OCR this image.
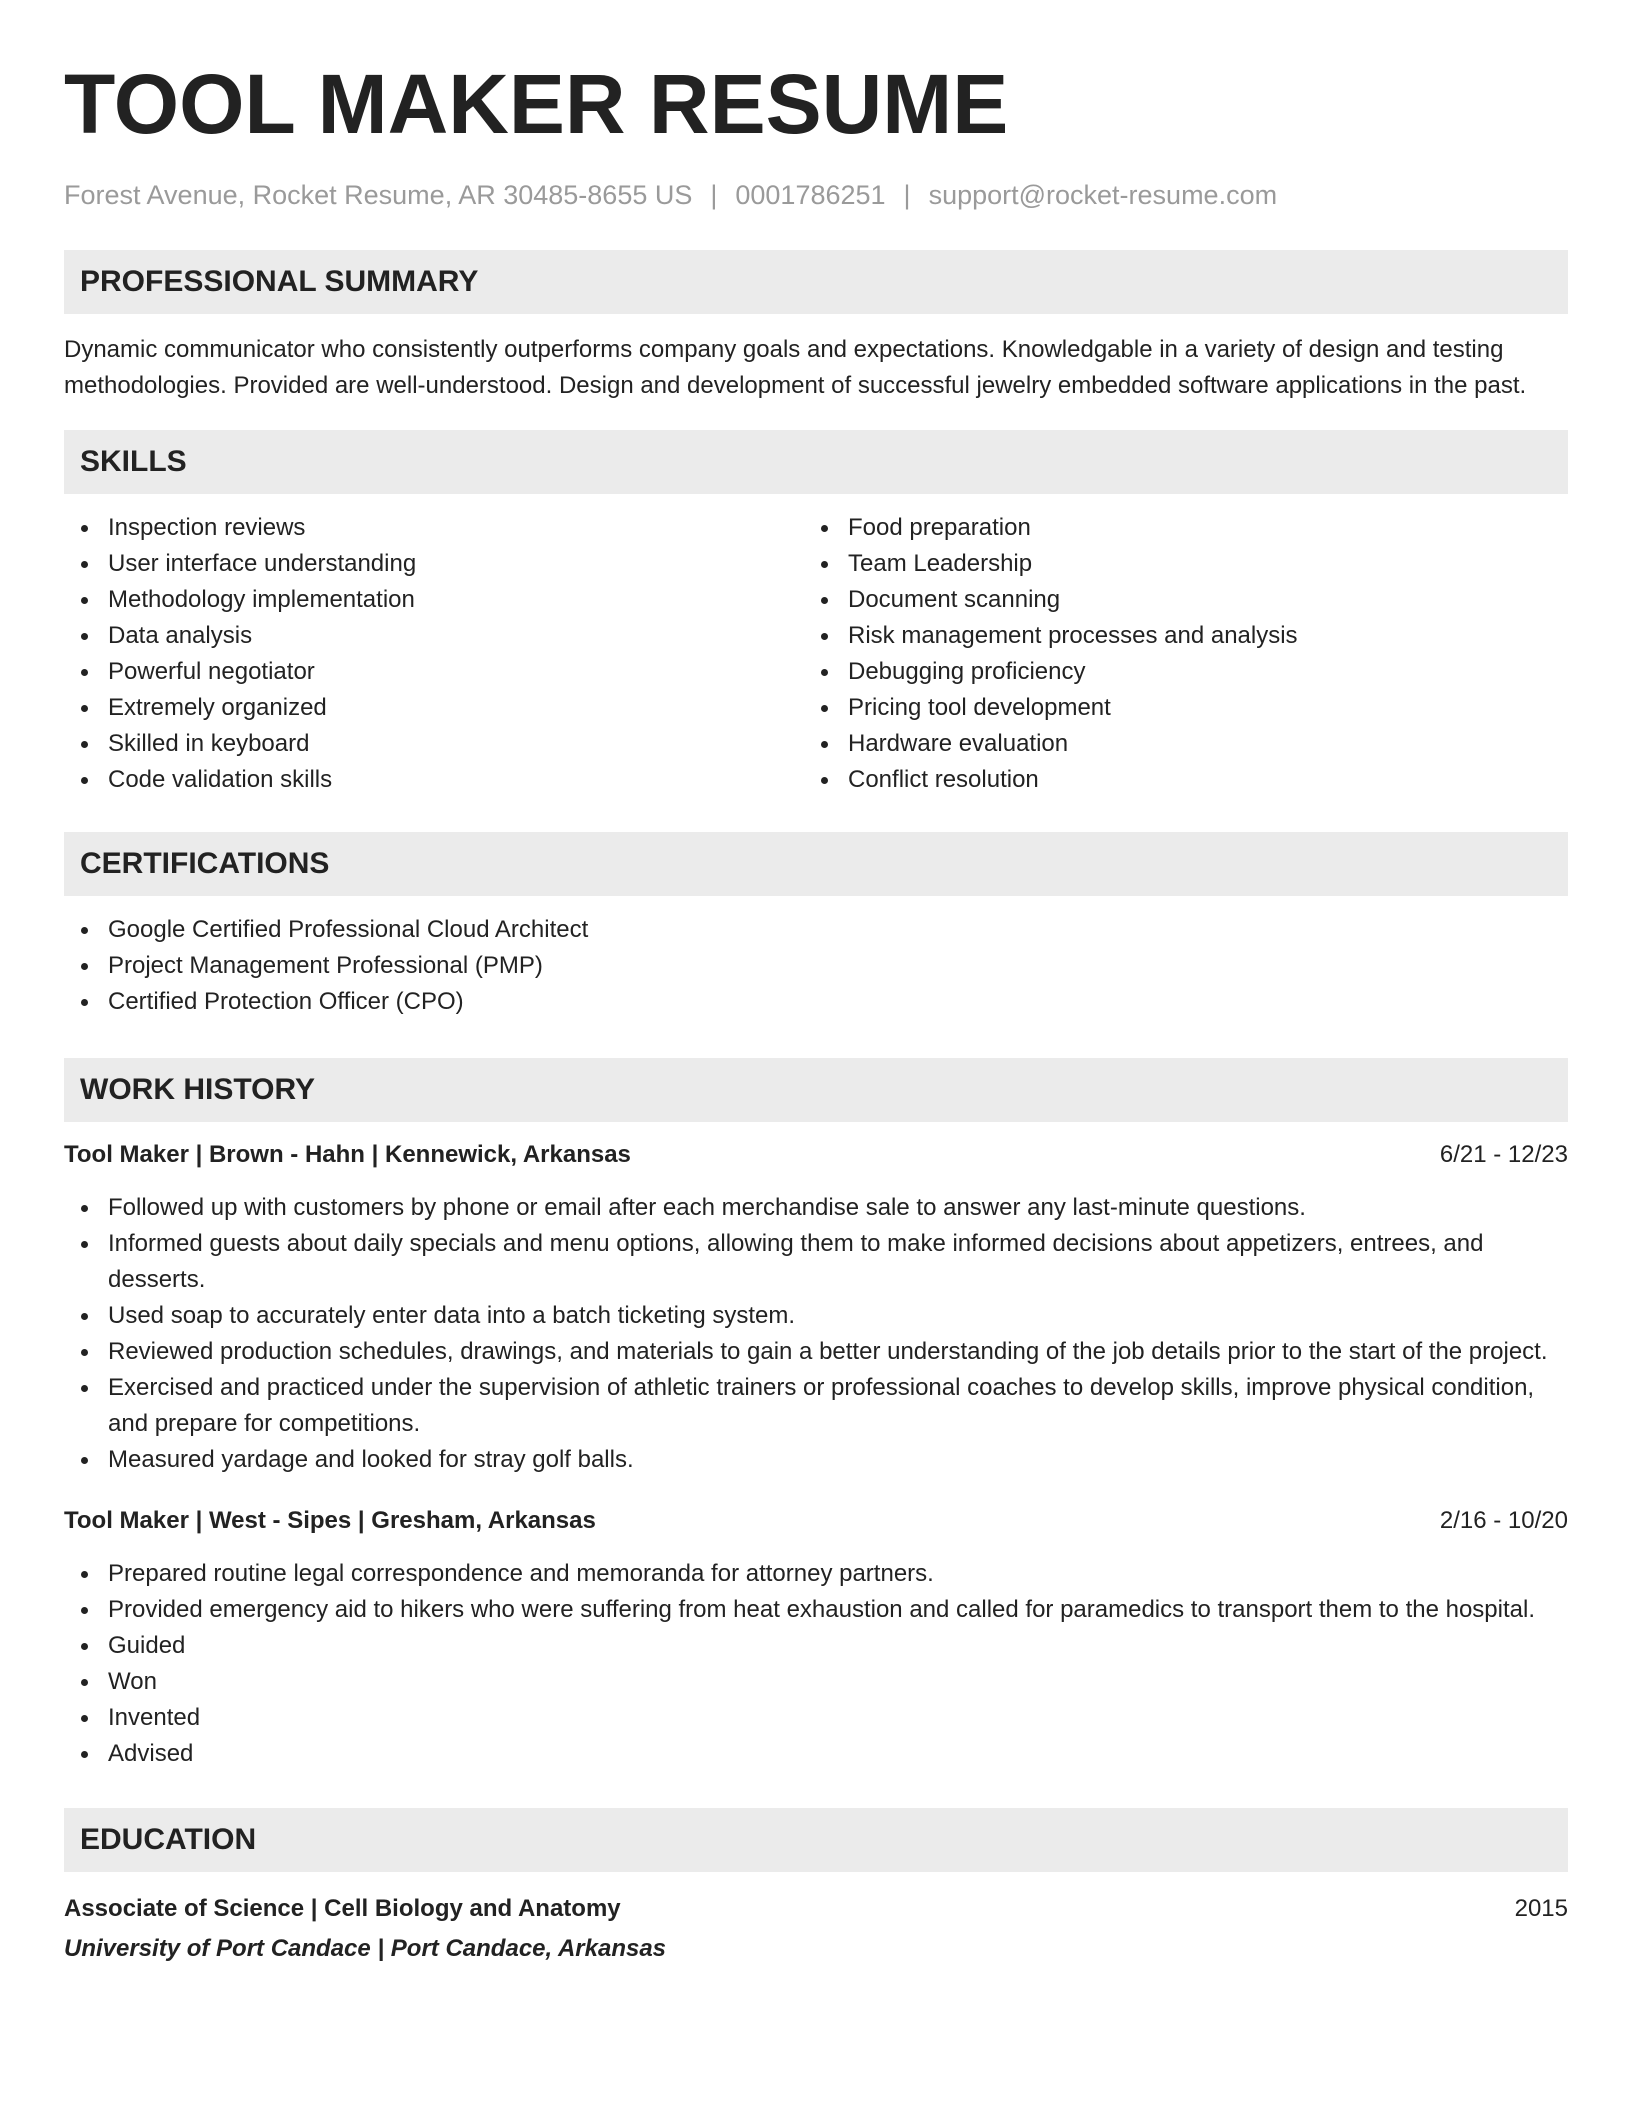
TOOL MAKER RESUME
Forest Avenue, Rocket Resume, AR 30485-8655 US | 0001786251 | support@rocket-resume.com
PROFESSIONAL SUMMARY

Dynamic communicator who consistently outperforms company goals and expectations. Knowledgable in a variety of design and testing methodologies. Provided are well-understood. Design and development of successful jewelry embedded software applications in the past.

SKILLS
Inspection reviews
User interface understanding
Methodology implementation
Data analysis
Powerful negotiator
Extremely organized
Skilled in keyboard
Code validation skills
Food preparation
Team Leadership
Document scanning
Risk management processes and analysis
Debugging proficiency
Pricing tool development
Hardware evaluation
Conflict resolution
CERTIFICATIONS
Google Certified Professional Cloud Architect
Project Management Professional (PMP)
Certified Protection Officer (CPO)
WORK HISTORY
Tool Maker | Brown - Hahn | Kennewick, Arkansas	6/21 - 12/23
Followed up with customers by phone or email after each merchandise sale to answer any last-minute questions.
Informed guests about daily specials and menu options, allowing them to make informed decisions about appetizers, entrees, and desserts.
Used soap to accurately enter data into a batch ticketing system.
Reviewed production schedules, drawings, and materials to gain a better understanding of the job details prior to the start of the project.
Exercised and practiced under the supervision of athletic trainers or professional coaches to develop skills, improve physical condition, and prepare for competitions.
Measured yardage and looked for stray golf balls.
Tool Maker | West - Sipes | Gresham, Arkansas	2/16 - 10/20
Prepared routine legal correspondence and memoranda for attorney partners.
Provided emergency aid to hikers who were suffering from heat exhaustion and called for paramedics to transport them to the hospital.
Guided
Won
Invented
Advised
EDUCATION
Associate of Science | Cell Biology and Anatomy	2015
University of Port Candace | Port Candace, Arkansas
